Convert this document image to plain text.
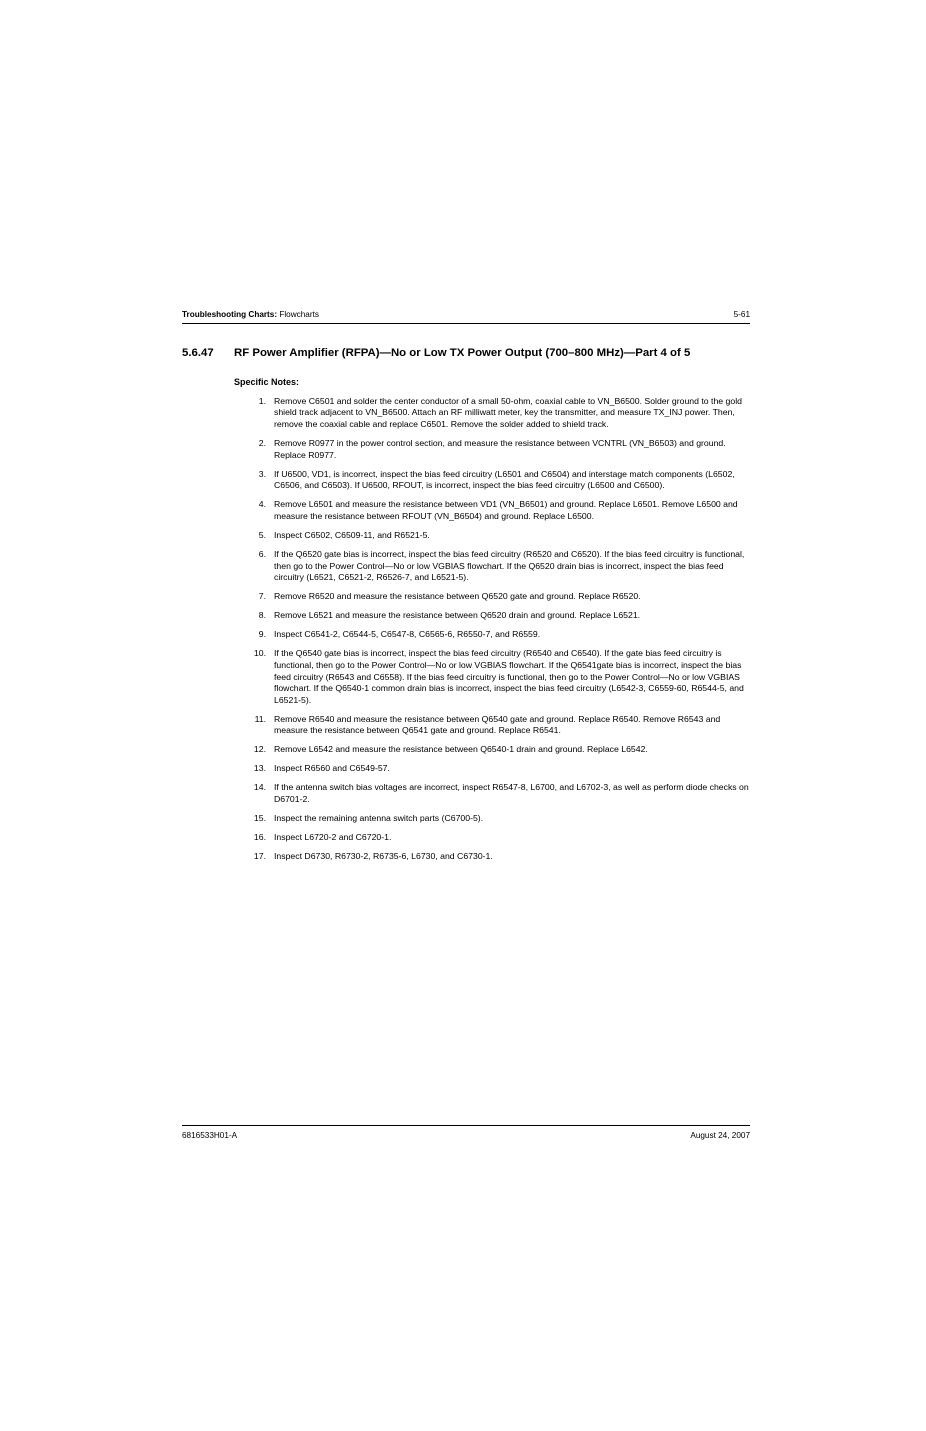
Troubleshooting Charts: Flowcharts	5-61
5.6.47	RF Power Amplifier (RFPA)—No or Low TX Power Output (700–800 MHz)—Part 4 of 5
Specific Notes:
1. Remove C6501 and solder the center conductor of a small 50-ohm, coaxial cable to VN_B6500. Solder ground to the gold shield track adjacent to VN_B6500. Attach an RF milliwatt meter, key the transmitter, and measure TX_INJ power. Then, remove the coaxial cable and replace C6501. Remove the solder added to shield track.
2. Remove R0977 in the power control section, and measure the resistance between VCNTRL (VN_B6503) and ground. Replace R0977.
3. If U6500, VD1, is incorrect, inspect the bias feed circuitry (L6501 and C6504) and interstage match components (L6502, C6506, and C6503). If U6500, RFOUT, is incorrect, inspect the bias feed circuitry (L6500 and C6500).
4. Remove L6501 and measure the resistance between VD1 (VN_B6501) and ground. Replace L6501. Remove L6500 and measure the resistance between RFOUT (VN_B6504) and ground. Replace L6500.
5. Inspect C6502, C6509-11, and R6521-5.
6. If the Q6520 gate bias is incorrect, inspect the bias feed circuitry (R6520 and C6520). If the bias feed circuitry is functional, then go to the Power Control—No or low VGBIAS flowchart. If the Q6520 drain bias is incorrect, inspect the bias feed circuitry (L6521, C6521-2, R6526-7, and L6521-5).
7. Remove R6520 and measure the resistance between Q6520 gate and ground. Replace R6520.
8. Remove L6521 and measure the resistance between Q6520 drain and ground. Replace L6521.
9. Inspect C6541-2, C6544-5, C6547-8, C6565-6, R6550-7, and R6559.
10. If the Q6540 gate bias is incorrect, inspect the bias feed circuitry (R6540 and C6540). If the gate bias feed circuitry is functional, then go to the Power Control—No or low VGBIAS flowchart. If the Q6541gate bias is incorrect, inspect the bias feed circuitry (R6543 and C6558). If the bias feed circuitry is functional, then go to the Power Control—No or low VGBIAS flowchart. If the Q6540-1 common drain bias is incorrect, inspect the bias feed circuitry (L6542-3, C6559-60, R6544-5, and L6521-5).
11. Remove R6540 and measure the resistance between Q6540 gate and ground. Replace R6540. Remove R6543 and measure the resistance between Q6541 gate and ground. Replace R6541.
12. Remove L6542 and measure the resistance between Q6540-1 drain and ground. Replace L6542.
13. Inspect R6560 and C6549-57.
14. If the antenna switch bias voltages are incorrect, inspect R6547-8, L6700, and L6702-3, as well as perform diode checks on D6701-2.
15. Inspect the remaining antenna switch parts (C6700-5).
16. Inspect L6720-2 and C6720-1.
17. Inspect D6730, R6730-2, R6735-6, L6730, and C6730-1.
6816533H01-A	August 24, 2007
